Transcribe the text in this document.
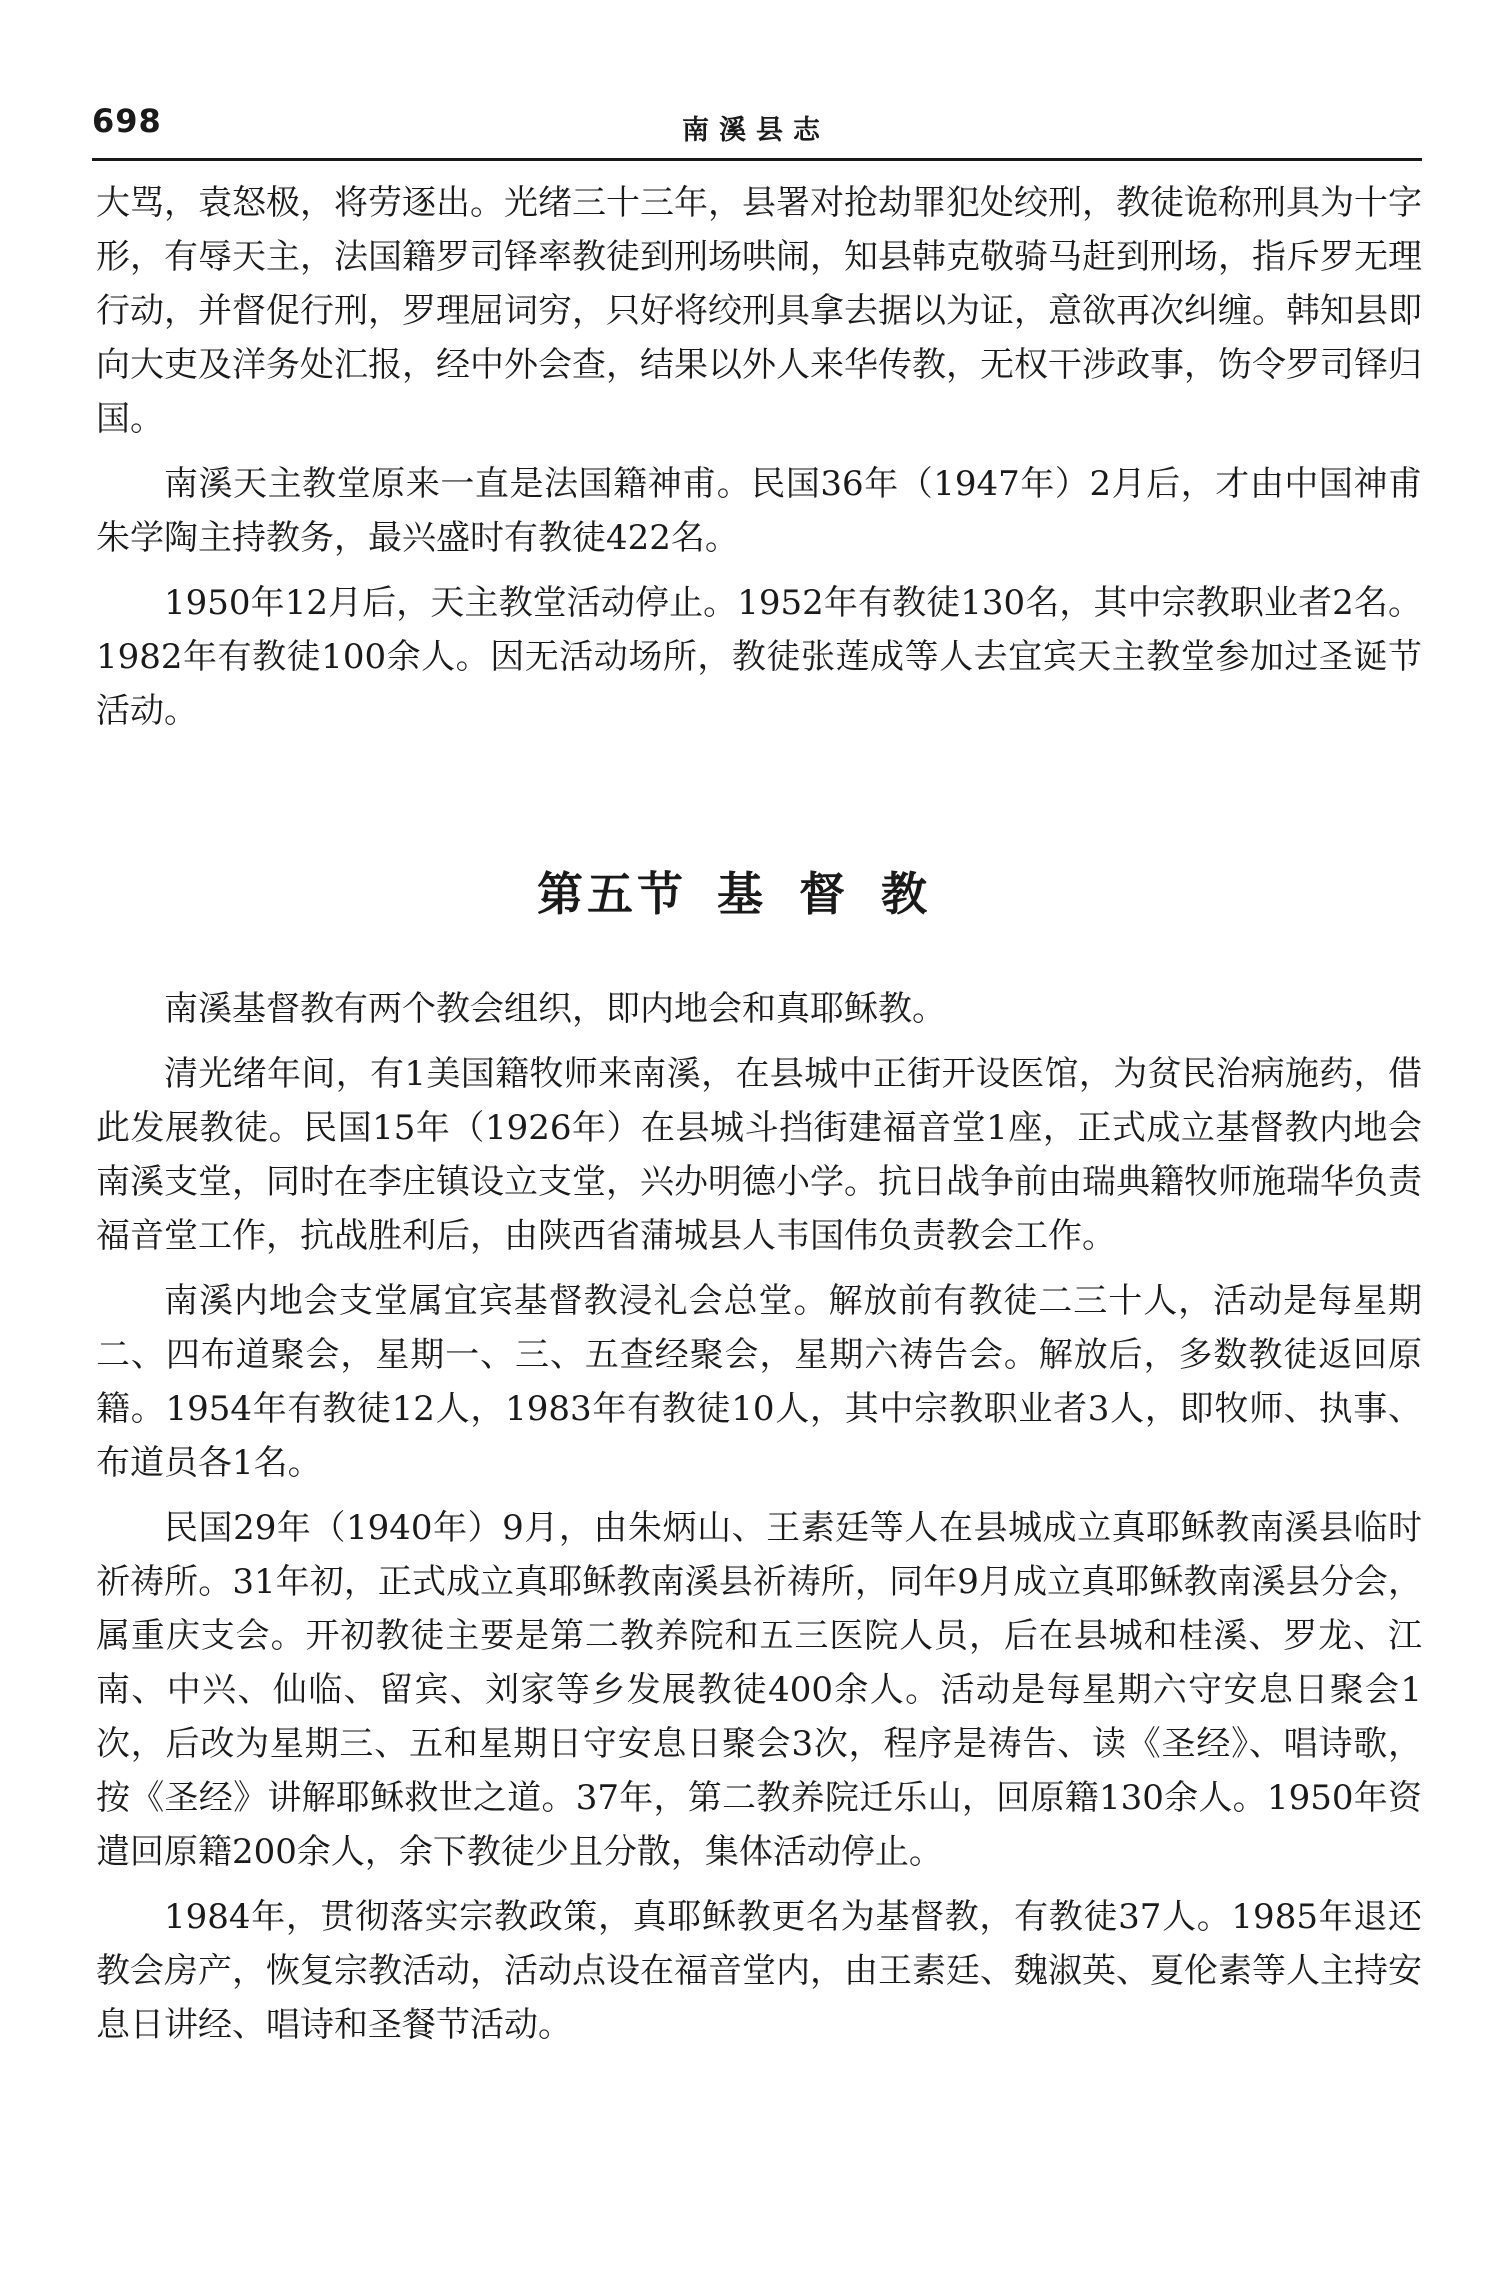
698	南溪县志

大骂，袁怒极，将劳逐出。光绪三十三年，县署对抢劫罪犯处绞刑，教徒诡称刑具为十字形，有辱天主，法国籍罗司铎率教徒到刑场哄闹，知县韩克敬骑马赶到刑场，指斥罗无理行动，并督促行刑，罗理屈词穷，只好将绞刑具拿去据以为证，意欲再次纠缠。韩知县即向大吏及洋务处汇报，经中外会查，结果以外人来华传教，无权干涉政事，饬令罗司铎归国。

南溪天主教堂原来一直是法国籍神甫。民国36年（1947年）2月后，才由中国神甫朱学陶主持教务，最兴盛时有教徒422名。

1950年12月后，天主教堂活动停止。1952年有教徒130名，其中宗教职业者2名。1982年有教徒100余人。因无活动场所，教徒张莲成等人去宜宾天主教堂参加过圣诞节活动。

第五节 基督教

南溪基督教有两个教会组织，即内地会和真耶稣教。

清光绪年间，有1美国籍牧师来南溪，在县城中正街开设医馆，为贫民治病施药，借此发展教徒。民国15年（1926年）在县城斗挡街建福音堂1座，正式成立基督教内地会南溪支堂，同时在李庄镇设立支堂，兴办明德小学。抗日战争前由瑞典籍牧师施瑞华负责福音堂工作，抗战胜利后，由陕西省蒲城县人韦国伟负责教会工作。

南溪内地会支堂属宜宾基督教浸礼会总堂。解放前有教徒二三十人，活动是每星期二、四布道聚会，星期一、三、五查经聚会，星期六祷告会。解放后，多数教徒返回原籍。1954年有教徒12人，1983年有教徒10人，其中宗教职业者3人，即牧师、执事、布道员各1名。

民国29年（1940年）9月，由朱炳山、王素廷等人在县城成立真耶稣教南溪县临时祈祷所。31年初，正式成立真耶稣教南溪县祈祷所，同年9月成立真耶稣教南溪县分会，属重庆支会。开初教徒主要是第二教养院和五三医院人员，后在县城和桂溪、罗龙、江南、中兴、仙临、留宾、刘家等乡发展教徒400余人。活动是每星期六守安息日聚会1次，后改为星期三、五和星期日守安息日聚会3次，程序是祷告、读《圣经》、唱诗歌，按《圣经》讲解耶稣救世之道。37年，第二教养院迁乐山，回原籍130余人。1950年资遣回原籍200余人，余下教徒少且分散，集体活动停止。

1984年，贯彻落实宗教政策，真耶稣教更名为基督教，有教徒37人。1985年退还教会房产，恢复宗教活动，活动点设在福音堂内，由王素廷、魏淑英、夏伦素等人主持安息日讲经、唱诗和圣餐节活动。
